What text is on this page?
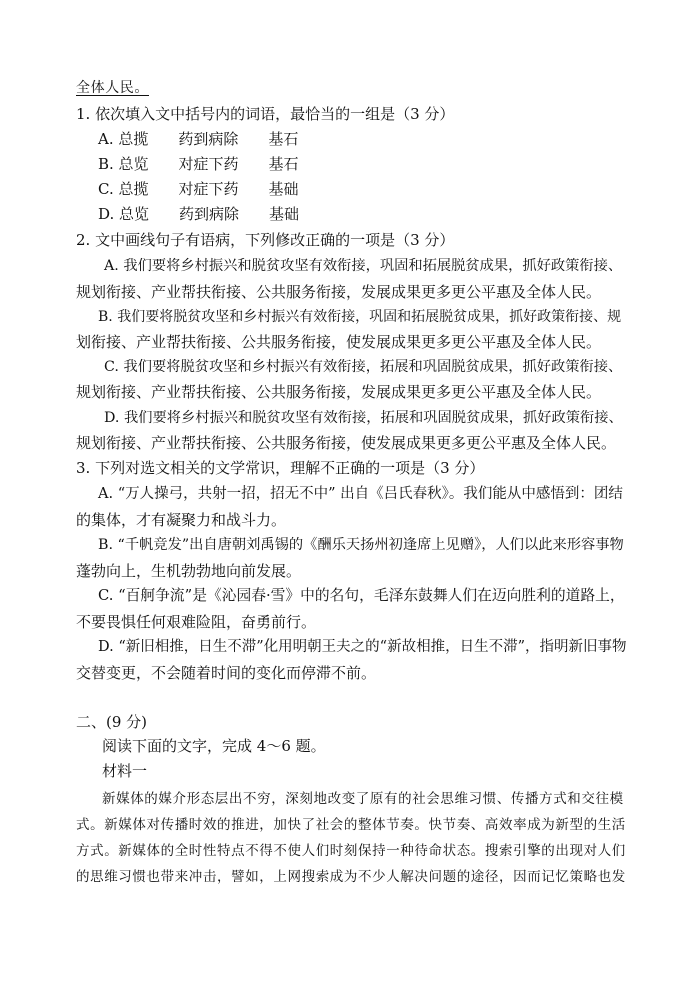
全体人民。
1. 依次填入文中括号内的词语，最恰当的一组是（3 分）
A. 总揽　　药到病除　　基石
B. 总览　　对症下药　　基石
C. 总揽　　对症下药　　基础
D. 总览　　药到病除　　基础
2. 文中画线句子有语病，下列修改正确的一项是（3 分）
A. 我们要将乡村振兴和脱贫攻坚有效衔接，巩固和拓展脱贫成果，抓好政策衔接、
规划衔接、产业帮扶衔接、公共服务衔接，发展成果更多更公平惠及全体人民。
B. 我们要将脱贫攻坚和乡村振兴有效衔接，巩固和拓展脱贫成果，抓好政策衔接、规
划衔接、产业帮扶衔接、公共服务衔接，使发展成果更多更公平惠及全体人民。
C. 我们要将脱贫攻坚和乡村振兴有效衔接，拓展和巩固脱贫成果，抓好政策衔接、
规划衔接、产业帮扶衔接、公共服务衔接，发展成果更多更公平惠及全体人民。
D. 我们要将乡村振兴和脱贫攻坚有效衔接，拓展和巩固脱贫成果，抓好政策衔接、
规划衔接、产业帮扶衔接、公共服务衔接，使发展成果更多更公平惠及全体人民。
3. 下列对选文相关的文学常识，理解不正确的一项是（3 分）
A. “万人操弓，共射一招，招无不中” 出自《吕氏春秋》。我们能从中感悟到：团结
的集体，才有凝聚力和战斗力。
B. “千帆竞发”出自唐朝刘禹锡的《酬乐天扬州初逢席上见赠》，人们以此来形容事物
蓬勃向上，生机勃勃地向前发展。
C. “百舸争流”是《沁园春·雪》中的名句，毛泽东鼓舞人们在迈向胜利的道路上，
不要畏惧任何艰难险阻，奋勇前行。
D. “新旧相推，日生不滞”化用明朝王夫之的“新故相推，日生不滞”，指明新旧事物
交替变更，不会随着时间的变化而停滞不前。
二、(9 分)
阅读下面的文字，完成 4～6 题。
材料一
新媒体的媒介形态层出不穷，深刻地改变了原有的社会思维习惯、传播方式和交往模
式。新媒体对传播时效的推进，加快了社会的整体节奏。快节奏、高效率成为新型的生活
方式。新媒体的全时性特点不得不使人们时刻保持一种待命状态。搜索引擎的出现对人们
的思维习惯也带来冲击，譬如，上网搜索成为不少人解决问题的途径，因而记忆策略也发
